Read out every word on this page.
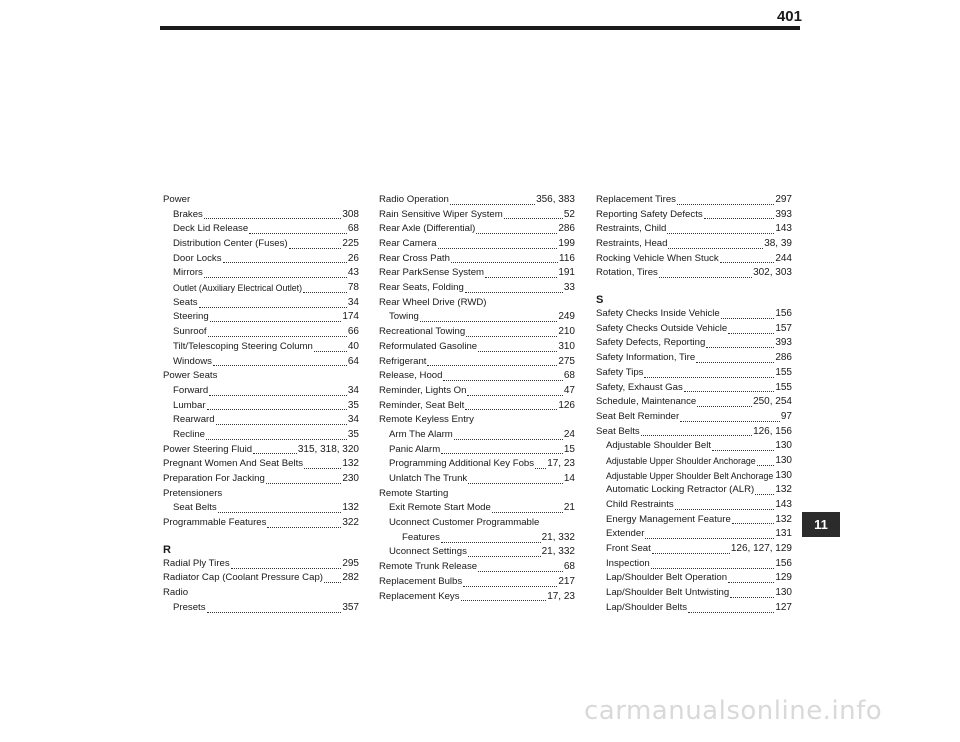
401
Power
Brakes	308
Deck Lid Release	68
Distribution Center (Fuses)	225
Door Locks	26
Mirrors	43
Outlet (Auxiliary Electrical Outlet)	78
Seats	34
Steering	174
Sunroof	66
Tilt/Telescoping Steering Column	40
Windows	64
Power Seats
Forward	34
Lumbar	35
Rearward	34
Recline	35
Power Steering Fluid	315, 318, 320
Pregnant Women And Seat Belts	132
Preparation For Jacking	230
Pretensioners
Seat Belts	132
Programmable Features	322
R
Radial Ply Tires	295
Radiator Cap (Coolant Pressure Cap) 282
Radio
Presets	357
Radio Operation	356, 383
Rain Sensitive Wiper System	52
Rear Axle (Differential)	286
Rear Camera	199
Rear Cross Path	116
Rear ParkSense System	191
Rear Seats, Folding	33
Rear Wheel Drive (RWD)
Towing	249
Recreational Towing	210
Reformulated Gasoline	310
Refrigerant	275
Release, Hood	68
Reminder, Lights On	47
Reminder, Seat Belt	126
Remote Keyless Entry
Arm The Alarm	24
Panic Alarm	15
Programming Additional Key Fobs 17, 23
Unlatch The Trunk	14
Remote Starting
Exit Remote Start Mode	21
Uconnect Customer Programmable
Features	21, 332
Uconnect Settings	21, 332
Remote Trunk Release	68
Replacement Bulbs	217
Replacement Keys	17, 23
Replacement Tires	297
Reporting Safety Defects	393
Restraints, Child	143
Restraints, Head	38, 39
Rocking Vehicle When Stuck	244
Rotation, Tires	302, 303
S
Safety Checks Inside Vehicle	156
Safety Checks Outside Vehicle	157
Safety Defects, Reporting	393
Safety Information, Tire	286
Safety Tips	155
Safety, Exhaust Gas	155
Schedule, Maintenance	250, 254
Seat Belt Reminder	97
Seat Belts	126, 156
Adjustable Shoulder Belt	130
Adjustable Upper Shoulder Anchorage 130
Adjustable Upper Shoulder Belt Anchorage 130
Automatic Locking Retractor (ALR) 132
Child Restraints	143
Energy Management Feature	132
Extender	131
Front Seat	126, 127, 129
Inspection	156
Lap/Shoulder Belt Operation	129
Lap/Shoulder Belt Untwisting	130
Lap/Shoulder Belts	127
11
carmanualsonline.info
